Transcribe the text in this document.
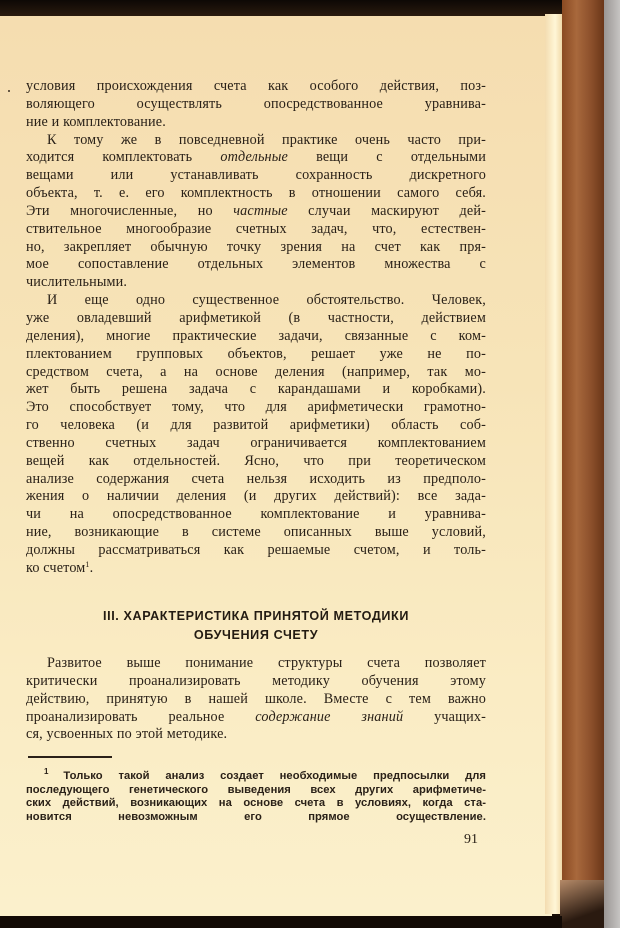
условия происхождения счета как особого действия, поз-
воляющего осуществлять опосредствованное уравнива-
ние и комплектование.
К тому же в повседневной практике очень часто при-
ходится комплектовать отдельные вещи с отдельными
вещами или устанавливать сохранность дискретного
объекта, т. е. его комплектность в отношении самого себя.
Эти многочисленные, но частные случаи маскируют дей-
ствительное многообразие счетных задач, что, естествен-
но, закрепляет обычную точку зрения на счет как пря-
мое сопоставление отдельных элементов множества с
числительными.
И еще одно существенное обстоятельство. Человек,
уже овладевший арифметикой (в частности, действием
деления), многие практические задачи, связанные с ком-
плектованием групповых объектов, решает уже не по-
средством счета, а на основе деления (например, так мо-
жет быть решена задача с карандашами и коробками).
Это способствует тому, что для арифметически грамотно-
го человека (и для развитой арифметики) область соб-
ственно счетных задач ограничивается комплектованием
вещей как отдельностей. Ясно, что при теоретическом
анализе содержания счета нельзя исходить из предполо-
жения о наличии деления (и других действий): все зада-
чи на опосредствованное комплектование и уравнива-
ние, возникающие в системе описанных выше условий,
должны рассматриваться как решаемые счетом, и толь-
ко счетом$^1$.
III. ХАРАКТЕРИСТИКА ПРИНЯТОЙ МЕТОДИКИ
ОБУЧЕНИЯ СЧЕТУ
Развитое выше понимание структуры счета позволяет
критически проанализировать методику обучения этому
действию, принятую в нашей школе. Вместе с тем важно
проанализировать реальное содержание знаний учащих-
ся, усвоенных по этой методике.
$^1$ Только такой анализ создает необходимые предпосылки для
последующего генетического выведения всех других арифметиче-
ских действий, возникающих на основе счета в условиях, когда ста-
новится невозможным его прямое осуществление.
91
